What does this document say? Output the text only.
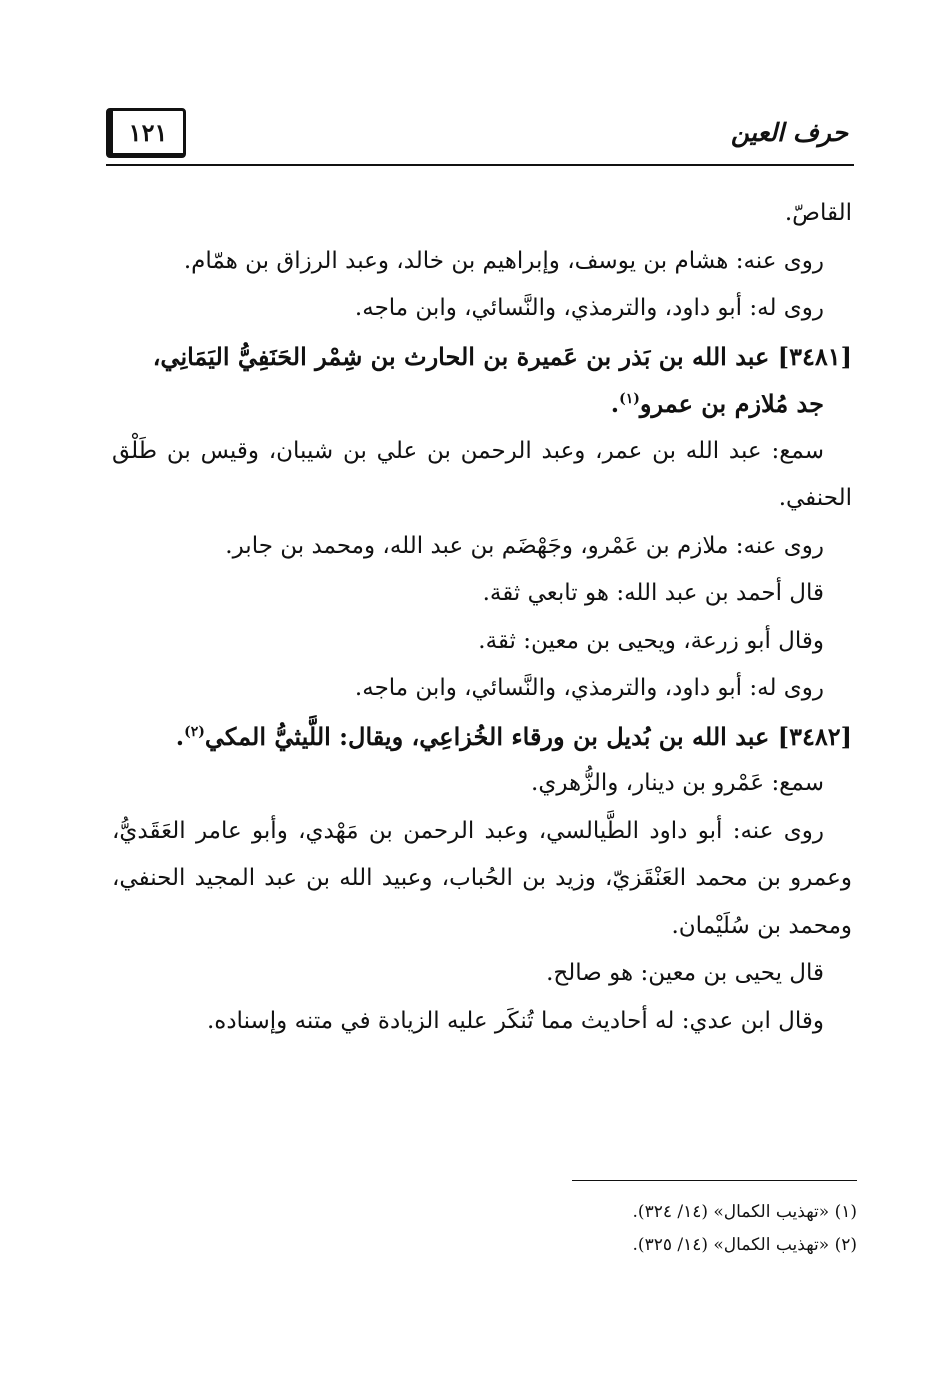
١٢١	حرف العين

القاصّ.

روى عنه: هشام بن يوسف، وإبراهيم بن خالد، وعبد الرزاق بن همّام.

روى له: أبو داود، والترمذي، والنَّسائي، وابن ماجه.

[٣٤٨١] عبد الله بن بَذر بن عَميرة بن الحارث بن شِمْر الحَنَفِيُّ اليَمَانِي،
جد مُلازم بن عمرو$^{(١)}$.

سمع: عبد الله بن عمر، وعبد الرحمن بن علي بن شيبان، وقيس بن طَلْق الحنفي.

روى عنه: ملازم بن عَمْرو، وجَهْضَم بن عبد الله، ومحمد بن جابر.

قال أحمد بن عبد الله: هو تابعي ثقة.

وقال أبو زرعة، ويحيى بن معين: ثقة.

روى له: أبو داود، والترمذي، والنَّسائي، وابن ماجه.

[٣٤٨٢] عبد الله بن بُديل بن ورقاء الخُزاعِي، ويقال: اللَّيثيُّ المكي$^{(٢)}$.

سمع: عَمْرو بن دينار، والزُّهري.

روى عنه: أبو داود الطَّيالسي، وعبد الرحمن بن مَهْدي، وأبو عامر العَقَديُّ، وعمرو بن محمد العَنْقَزيّ، وزيد بن الحُباب، وعبيد الله بن عبد المجيد الحنفي، ومحمد بن سُلَيْمان.

قال يحيى بن معين: هو صالح.

وقال ابن عدي: له أحاديث مما تُنكَر عليه الزيادة في متنه وإسناده.

(١) «تهذيب الكمال» (١٤/ ٣٢٤).

(٢) «تهذيب الكمال» (١٤/ ٣٢٥).
